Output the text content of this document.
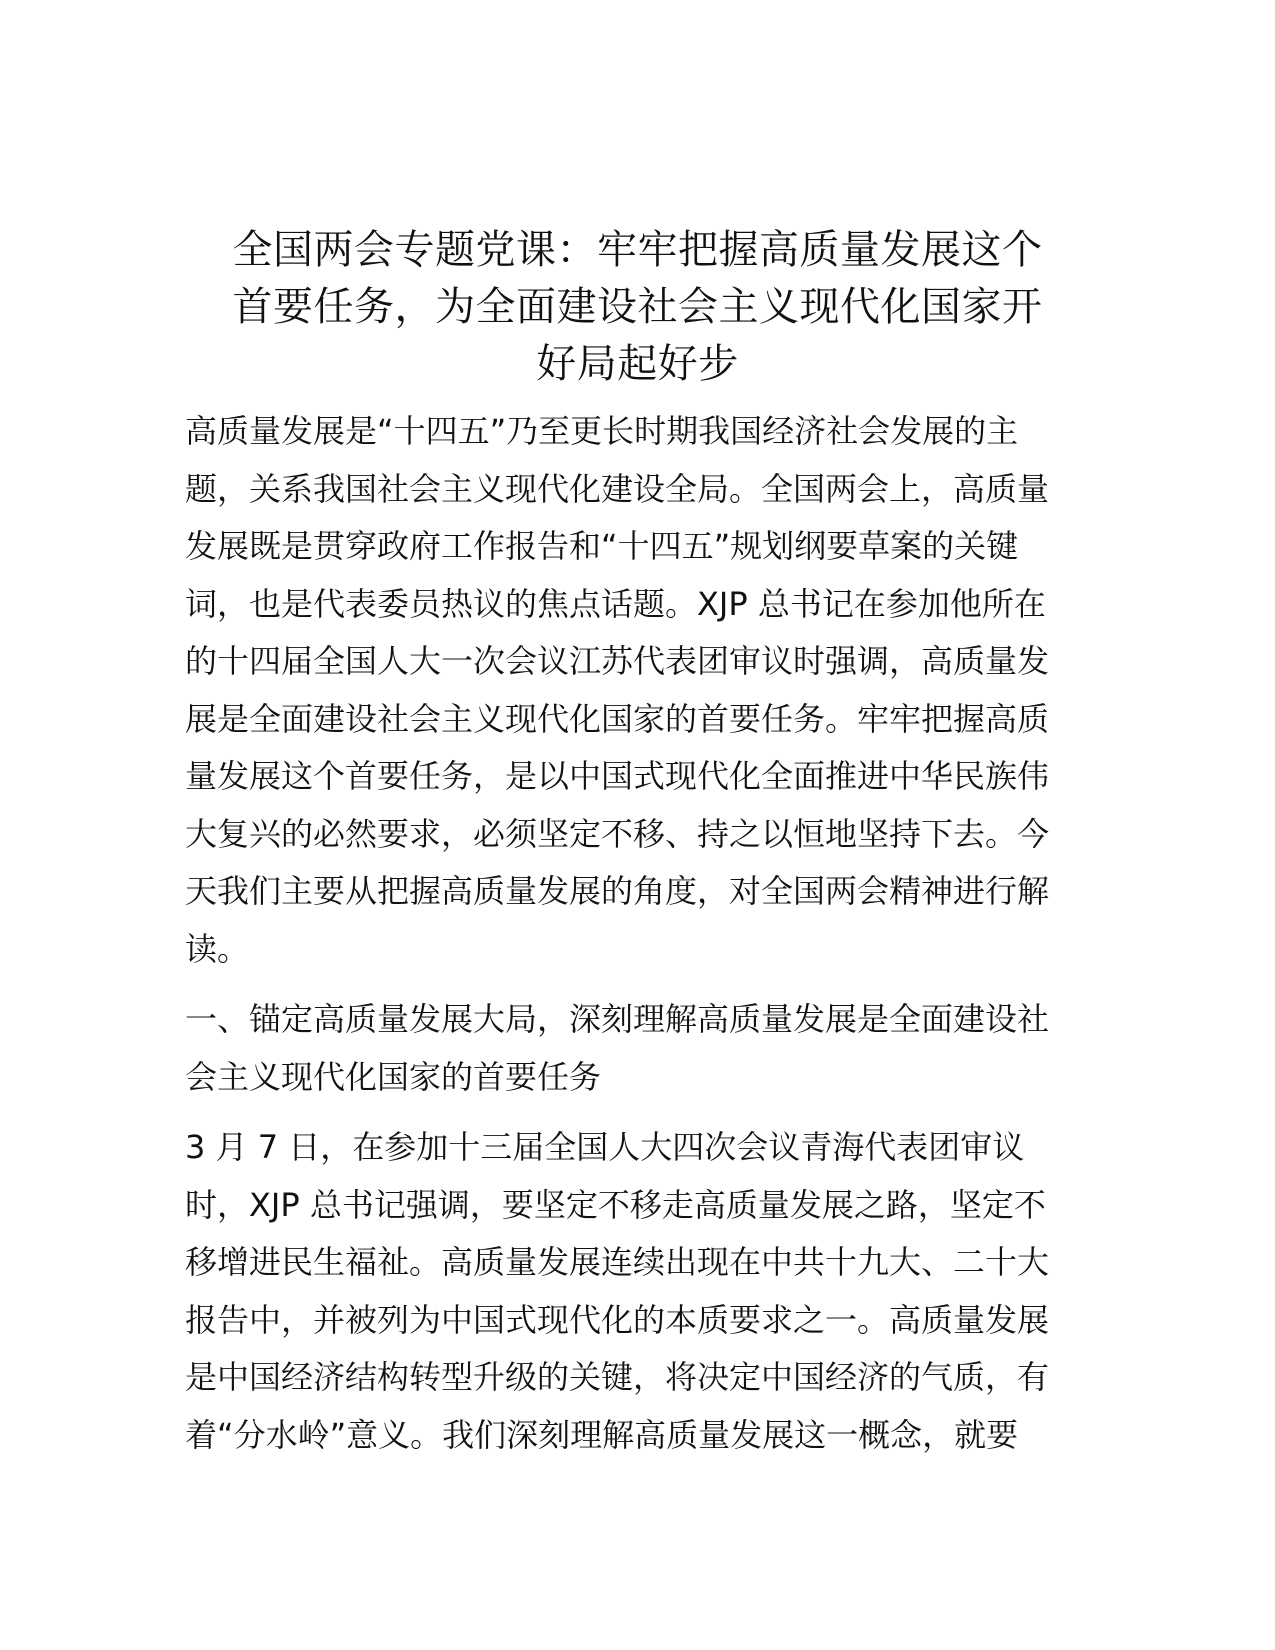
全国两会专题党课：牢牢把握高质量发展这个
首要任务，为全面建设社会主义现代化国家开
好局起好步

高质量发展是“十四五”乃至更长时期我国经济社会发展的主
题，关系我国社会主义现代化建设全局。全国两会上，高质量
发展既是贯穿政府工作报告和“十四五”规划纲要草案的关键
词，也是代表委员热议的焦点话题。XJP 总书记在参加他所在
的十四届全国人大一次会议江苏代表团审议时强调，高质量发
展是全面建设社会主义现代化国家的首要任务。牢牢把握高质
量发展这个首要任务，是以中国式现代化全面推进中华民族伟
大复兴的必然要求，必须坚定不移、持之以恒地坚持下去。今
天我们主要从把握高质量发展的角度，对全国两会精神进行解
读。

一、锚定高质量发展大局，深刻理解高质量发展是全面建设社
会主义现代化国家的首要任务

3 月 7 日，在参加十三届全国人大四次会议青海代表团审议
时，XJP 总书记强调，要坚定不移走高质量发展之路，坚定不
移增进民生福祉。高质量发展连续出现在中共十九大、二十大
报告中，并被列为中国式现代化的本质要求之一。高质量发展
是中国经济结构转型升级的关键，将决定中国经济的气质，有
着“分水岭”意义。我们深刻理解高质量发展这一概念，就要
